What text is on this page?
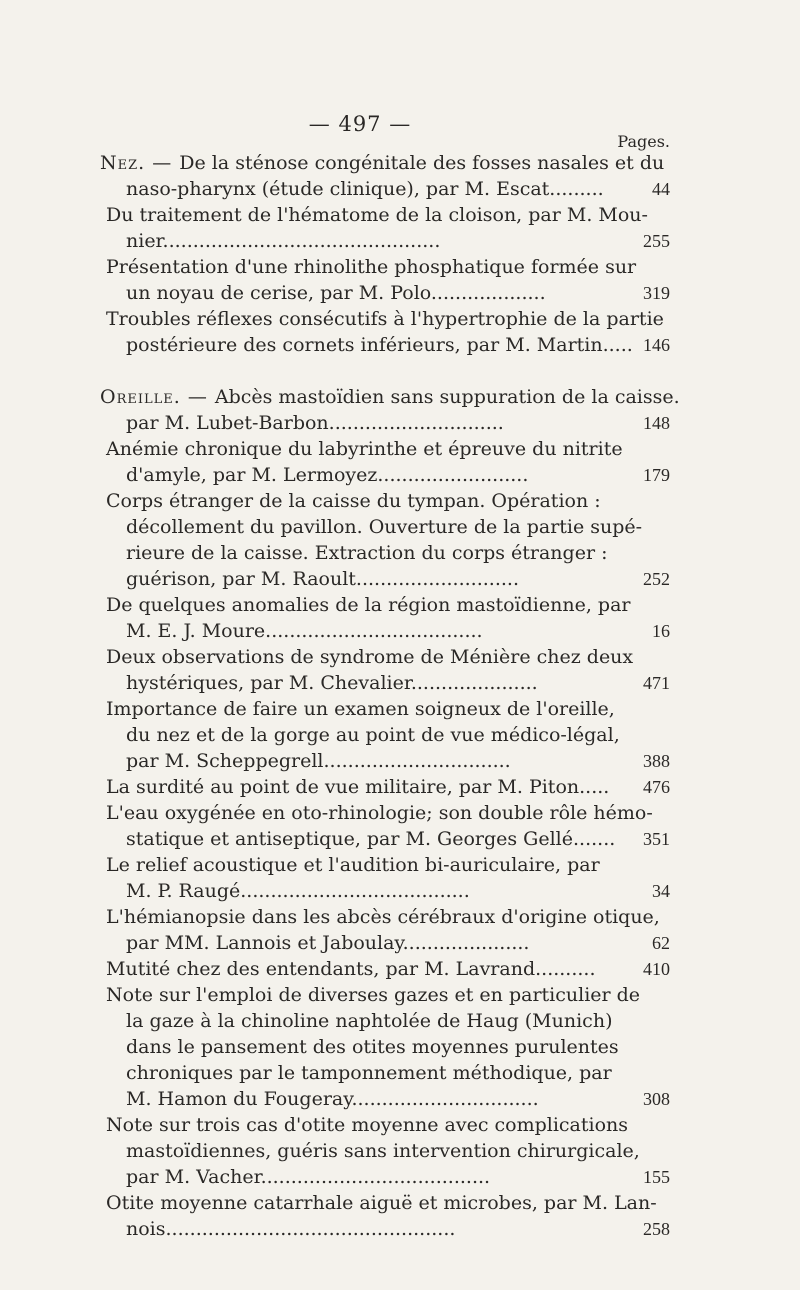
— 497 —
Pages.
Nez. — De la sténose congénitale des fosses nasales et du
naso-pharynx (étude clinique), par M. Escat.........	44
Du traitement de l'hématome de la cloison, par M. Mou-
nier..............................................	255
Présentation d'une rhinolithe phosphatique formée sur
un noyau de cerise, par M. Polo...................	319
Troubles réflexes consécutifs à l'hypertrophie de la partie
postérieure des cornets inférieurs, par M. Martin..... 146
Oreille. — Abcès mastoïdien sans suppuration de la caisse.
par M. Lubet-Barbon.............................	148
Anémie chronique du labyrinthe et épreuve du nitrite
d'amyle, par M. Lermoyez.........................	179
Corps étranger de la caisse du tympan. Opération :
décollement du pavillon. Ouverture de la partie supé-
rieure de la caisse. Extraction du corps étranger :
guérison, par M. Raoult...........................	252
De quelques anomalies de la région mastoïdienne, par
M. E. J. Moure....................................	16
Deux observations de syndrome de Ménière chez deux
hystériques, par M. Chevalier.....................	471
Importance de faire un examen soigneux de l'oreille,
du nez et de la gorge au point de vue médico-légal,
par M. Scheppegrell...............................	388
La surdité au point de vue militaire, par M. Piton..... 476
L'eau oxygénée en oto-rhinologie; son double rôle hémo-
statique et antiseptique, par M. Georges Gellé....... 351
Le relief acoustique et l'audition bi-auriculaire, par
M. P. Raugé......................................	34
L'hémianopsie dans les abcès cérébraux d'origine otique,
par MM. Lannois et Jaboulay.....................	62
Mutité chez des entendants, par M. Lavrand..........	410
Note sur l'emploi de diverses gazes et en particulier de
la gaze à la chinoline naphtolée de Haug (Munich)
dans le pansement des otites moyennes purulentes
chroniques par le tamponnement méthodique, par
M. Hamon du Fougeray...............................	308
Note sur trois cas d'otite moyenne avec complications
mastoïdiennes, guéris sans intervention chirurgicale,
par M. Vacher......................................	155
Otite moyenne catarrhale aiguë et microbes, par M. Lan-
nois................................................	258
